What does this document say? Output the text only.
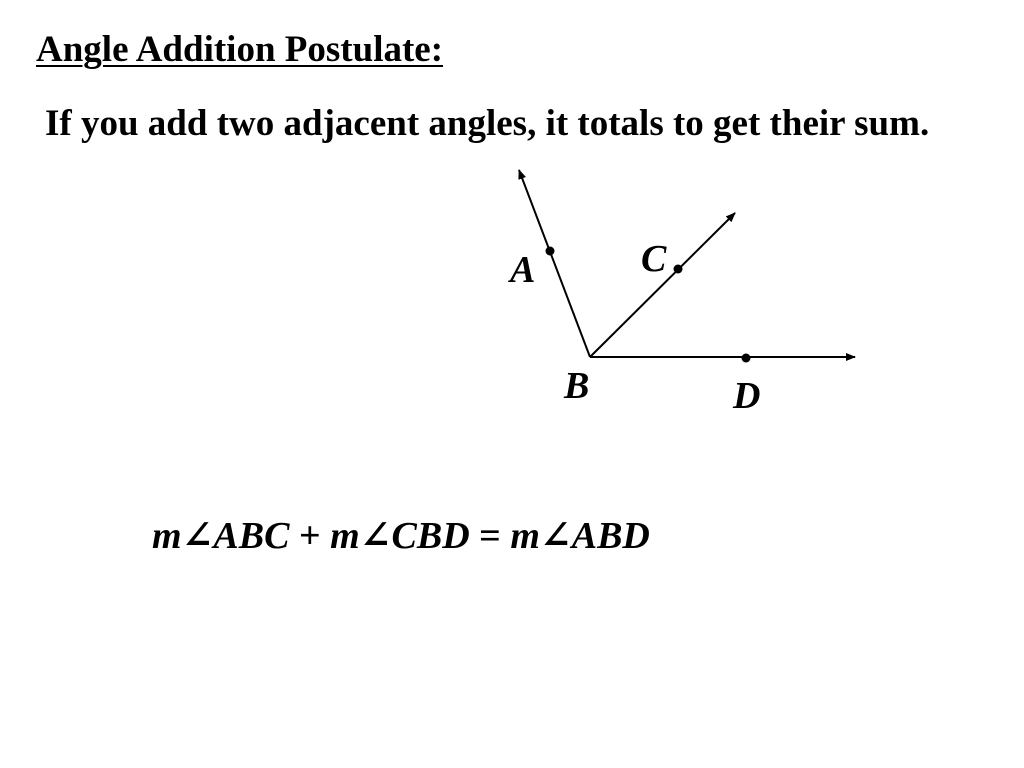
Angle Addition Postulate:

If you add two adjacent angles, it totals to get their sum.

A	C
B	D

m∠ABC + m∠CBD = m∠ABD
